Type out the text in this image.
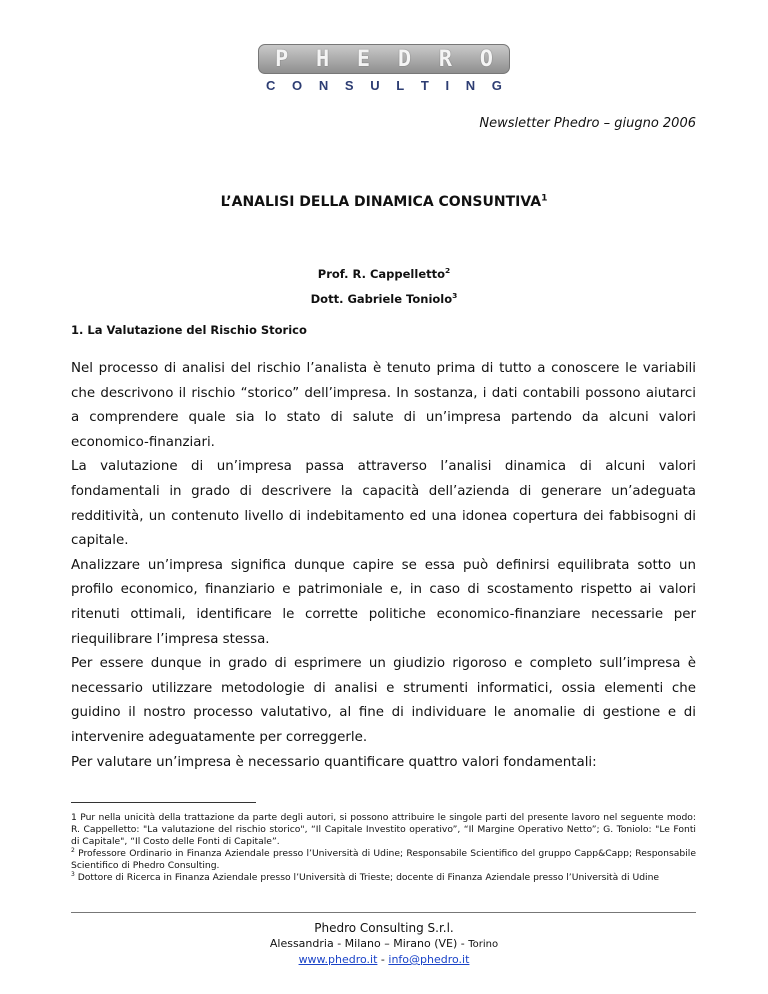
P H E D R O
C O N S U L T I N G
Newsletter Phedro – giugno 2006
L’ANALISI DELLA DINAMICA CONSUNTIVA$^1$
Prof. R. Cappelletto$^2$
Dott. Gabriele Toniolo$^3$
1. La Valutazione del Rischio Storico

Nel processo di analisi del rischio l’analista è tenuto prima di tutto a conoscere le variabili che descrivono il rischio “storico” dell’impresa. In sostanza, i dati contabili possono aiutarci a comprendere quale sia lo stato di salute di un’impresa partendo da alcuni valori economico-finanziari.

La valutazione di un’impresa passa attraverso l’analisi dinamica di alcuni valori fondamentali in grado di descrivere la capacità dell’azienda di generare un’adeguata redditività, un contenuto livello di indebitamento ed una idonea copertura dei fabbisogni di capitale.

Analizzare un’impresa significa dunque capire se essa può definirsi equilibrata sotto un profilo economico, finanziario e patrimoniale e, in caso di scostamento rispetto ai valori ritenuti ottimali, identificare le corrette politiche economico-finanziare necessarie per riequilibrare l’impresa stessa.

Per essere dunque in grado di esprimere un giudizio rigoroso e completo sull’impresa è necessario utilizzare metodologie di analisi e strumenti informatici, ossia elementi che guidino il nostro processo valutativo, al fine di individuare le anomalie di gestione e di intervenire adeguatamente per correggerle.

Per valutare un’impresa è necessario quantificare quattro valori fondamentali:

1 Pur nella unicità della trattazione da parte degli autori, si possono attribuire le singole parti del presente lavoro nel seguente modo: R. Cappelletto: "La valutazione del rischio storico", “Il Capitale Investito operativo”, “Il Margine Operativo Netto”; G. Toniolo: "Le Fonti di Capitale", “Il Costo delle Fonti di Capitale”.

$^2$ Professore Ordinario in Finanza Aziendale presso l’Università di Udine; Responsabile Scientifico del gruppo Capp&Capp; Responsabile Scientifico di Phedro Consulting.

$^3$ Dottore di Ricerca in Finanza Aziendale presso l’Università di Trieste; docente di Finanza Aziendale presso l’Università di Udine

Phedro Consulting S.r.l.
Alessandria - Milano – Mirano (VE) - Torino
www.phedro.it - info@phedro.it
